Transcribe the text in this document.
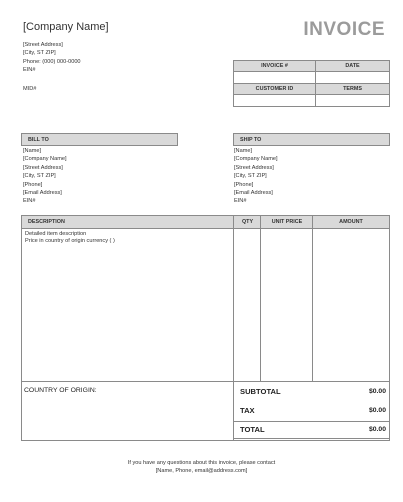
[Company Name]	INVOICE
[Street Address]
[City, ST ZIP]
Phone: (000) 000-0000
EIN#
MID#
INVOICE #	DATE

CUSTOMER ID	TERMS

BILL TO
[Name]
[Company Name]
[Street Address]
[City, ST ZIP]
[Phone]
[Email Address]
EIN#
SHIP TO
[Name]
[Company Name]
[Street Address]
[City, ST ZIP]
[Phone]
[Email Address]
EIN#
DESCRIPTION	QTY	UNIT PRICE	AMOUNT
Detailed item description
Price in country of origin currency ( )
COUNTRY OF ORIGIN:	SUBTOTAL	$0.00
TAX	$0.00
TOTAL	$0.00
If you have any questions about this invoice, please contact
[Name, Phone, email@address.com]
